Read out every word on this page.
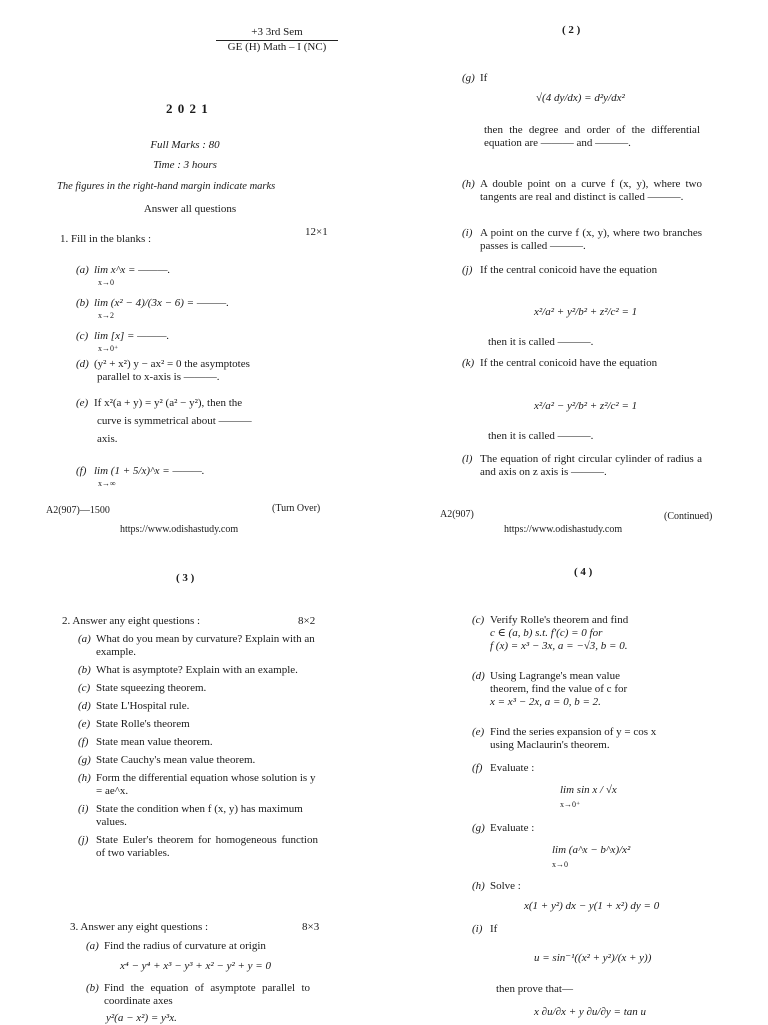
+3 3rd Sem
GE (H) Math – I (NC)
2 0 2 1
Full Marks : 80
Time : 3 hours
The figures in the right-hand margin indicate marks
Answer all questions
1. Fill in the blanks :
12×1
(a) lim x^x = ———.
x→0
(b) lim (x² − 4)/(3x − 6) = ———.
x→2
(c) lim [x] = ———.
x→0⁺
(d) (y² + x²) y − ax² = 0 the asymptotes
parallel to x-axis is ———.
(e) If x²(a + y) = y² (a² − y²), then the
curve is symmetrical about ———
axis.
(f) lim (1 + 5/x)^x = ———.
x→∞
A2(907)—1500	(Turn Over)
https://www.odishastudy.com
( 2 )
(g) If
√(4 dy/dx) = d²y/dx²
then the degree and order of the differential equation are ——— and ———.
(h) A double point on a curve f (x, y), where two tangents are real and distinct is called ———.
(i) A point on the curve f (x, y), where two branches passes is called ———.
(j) If the central conicoid have the equation
x²/a² + y²/b² + z²/c² = 1
then it is called ———.
(k) If the central conicoid have the equation
x²/a² − y²/b² + z²/c² = 1
then it is called ———.
(l) The equation of right circular cylinder of radius a and axis on z axis is ———.
A2(907)	(Continued)
https://www.odishastudy.com
( 3 )
2. Answer any eight questions :	8×2
(a) What do you mean by curvature? Explain with an example.
(b) What is asymptote? Explain with an example.
(c) State squeezing theorem.
(d) State L'Hospital rule.
(e) State Rolle's theorem
(f) State mean value theorem.
(g) State Cauchy's mean value theorem.
(h) Form the differential equation whose solution is y = ae^x.
(i) State the condition when f (x, y) has maximum values.
(j) State Euler's theorem for homogeneous function of two variables.
3. Answer any eight questions :	8×3
(a) Find the radius of curvature at origin
x⁴ − y⁴ + x³ − y³ + x² − y² + y = 0
(b) Find the equation of asymptote parallel to coordinate axes
y²(a − x²) = y³x.
( 4 )
(c) Verify Rolle's theorem and find
c ∈ (a, b) s.t. f′(c) = 0 for
f (x) = x³ − 3x, a = −√3, b = 0.
(d) Using Lagrange's mean value
theorem, find the value of c for
x = x³ − 2x, a = 0, b = 2.
(e) Find the series expansion of y = cos x
using Maclaurin's theorem.
(f) Evaluate :
lim sin x / √x
x→0⁺
(g) Evaluate :
lim (a^x − b^x)/x²
x→0
(h) Solve :
x(1 + y²) dx − y(1 + x²) dy = 0
(i) If
u = sin⁻¹((x² + y²)/(x + y))
then prove that—
x ∂u/∂x + y ∂u/∂y = tan u
